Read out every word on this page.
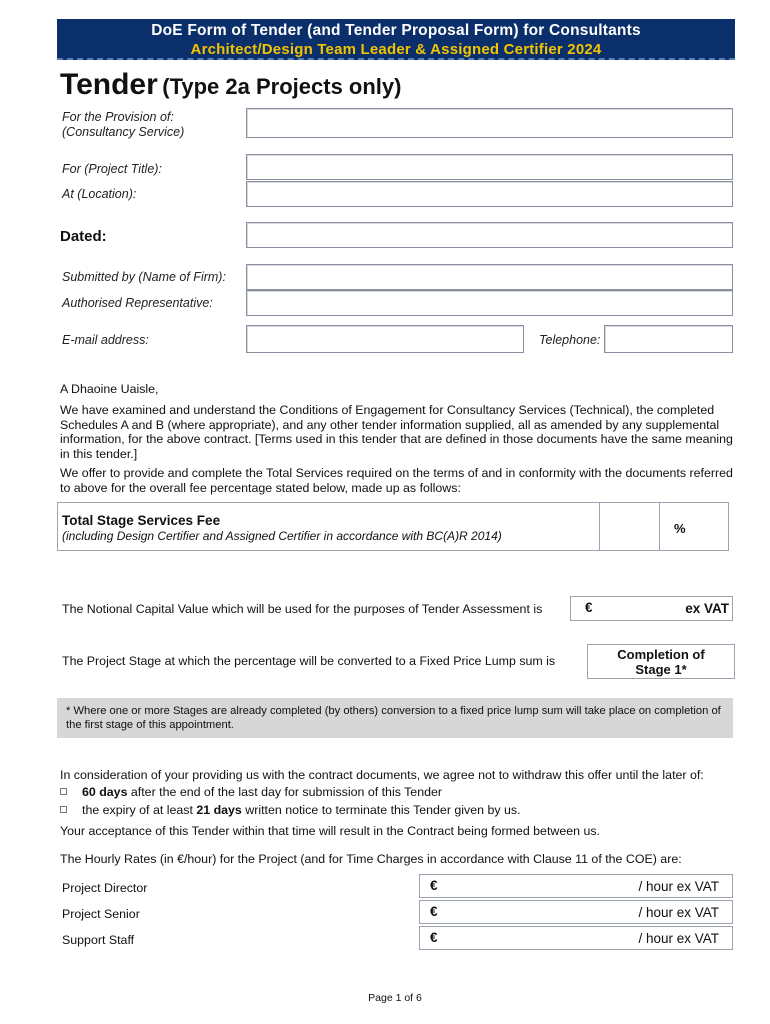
DoE Form of Tender (and Tender Proposal Form) for Consultants
Architect/Design Team Leader & Assigned Certifier 2024
Tender (Type 2a Projects only)
For the Provision of:
(Consultancy Service)
For (Project Title):
At (Location):
Dated:
Submitted by (Name of Firm):
Authorised Representative:
E-mail address:	Telephone:
A Dhaoine Uaisle,
We have examined and understand the Conditions of Engagement for Consultancy Services (Technical), the completed Schedules A and B (where appropriate), and any other tender information supplied, all as amended by any supplemental information, for the above contract. [Terms used in this tender that are defined in those documents have the same meaning in this tender.]
We offer to provide and complete the Total Services required on the terms of and in conformity with the documents referred to above for the overall fee percentage stated below, made up as follows:
Total Stage Services Fee
(including Design Certifier and Assigned Certifier in accordance with BC(A)R 2014)	%
The Notional Capital Value which will be used for the purposes of Tender Assessment is	€	ex VAT
The Project Stage at which the percentage will be converted to a Fixed Price Lump sum is	Completion of
Stage 1*
* Where one or more Stages are already completed (by others) conversion to a fixed price lump sum will take place on completion of the first stage of this appointment.
In consideration of your providing us with the contract documents, we agree not to withdraw this offer until the later of:
60 days after the end of the last day for submission of this Tender
the expiry of at least 21 days written notice to terminate this Tender given by us.
Your acceptance of this Tender within that time will result in the Contract being formed between us.
The Hourly Rates (in €/hour) for the Project (and for Time Charges in accordance with Clause 11 of the COE) are:
Project Director	€	/ hour ex VAT
Project Senior	€	/ hour ex VAT
Support Staff	€	/ hour ex VAT
Page 1 of 6
